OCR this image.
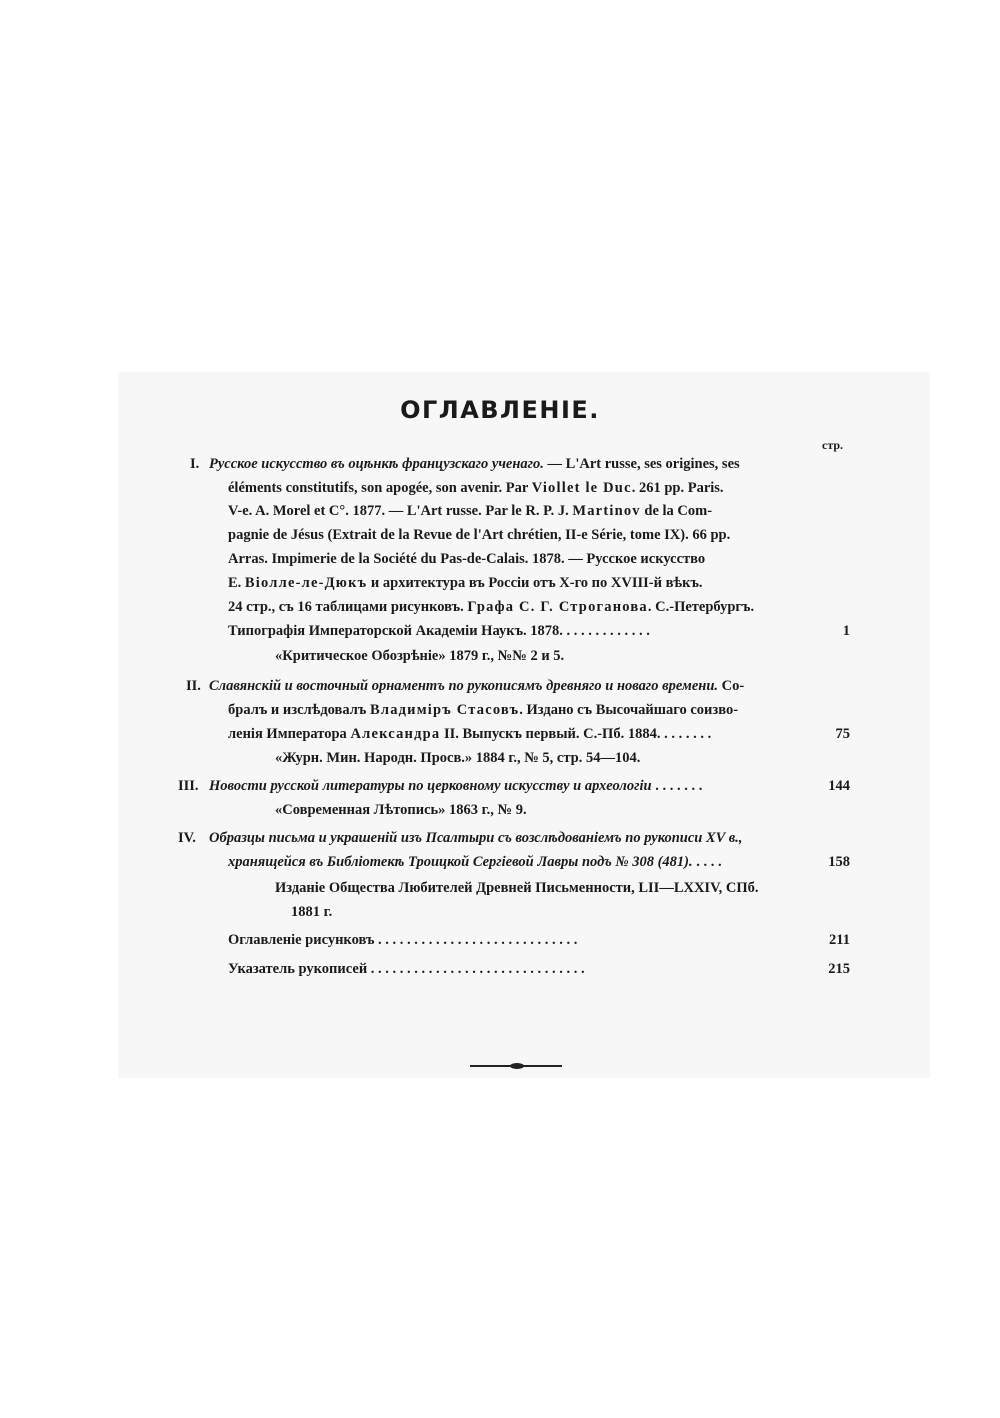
ОГЛАВЛЕНІЕ.
стр.
I. Русское искусство въ оцѣнкѣ французскаго ученаго. — L'Art russe, ses origines, ses
éléments constitutifs, son apogée, son avenir. Par Viollet le Duc. 261 pp. Paris.
V-e. A. Morel et C°. 1877. — L'Art russe. Par le R. P. J. Martinov de la Com-
pagnie de Jésus (Extrait de la Revue de l'Art chrétien, II-e Série, tome IX). 66 pp.
Arras. Impimerie de la Société du Pas-de-Calais. 1878. — Русское искусство
Е. Віолле-ле-Дюкъ и архитектура въ Россіи отъ X-го по XVIII-й вѣкъ.
24 стр., съ 16 таблицами рисунковъ. Графа С. Г. Строганова. С.-Петербургъ.
Типографія Императорской Академіи Наукъ. 1878. . . . . . . . . . . . .	1
«Критическое Обозрѣніе» 1879 г., №№ 2 и 5.
II. Славянскій и восточный орнаментъ по рукописямъ древняго и новаго времени. Со-
бралъ и изслѣдовалъ Владиміръ Стасовъ. Издано съ Высочайшаго соизво-
ленія Императора Александра II. Выпускъ первый. С.-Пб. 1884. . . . . . . .	75
«Журн. Мин. Народн. Просв.» 1884 г., № 5, стр. 54—104.
III. Новости русской литературы по церковному искусству и археологіи . . . . . . .	144
«Современная Лѣтопись» 1863 г., № 9.
IV. Образцы письма и украшеній изъ Псалтыри съ возслѣдованіемъ по рукописи XV в.,
хранящейся въ Библіотекѣ Троицкой Сергіевой Лавры подъ № 308 (481). . . . .	158
Изданіе Общества Любителей Древней Письменности, LII—LXXIV, СПб.
1881 г.
Оглавленіе рисунковъ . . . . . . . . . . . . . . . . . . . . . . . . . . . .	211
Указатель рукописей . . . . . . . . . . . . . . . . . . . . . . . . . . . . . .	215
